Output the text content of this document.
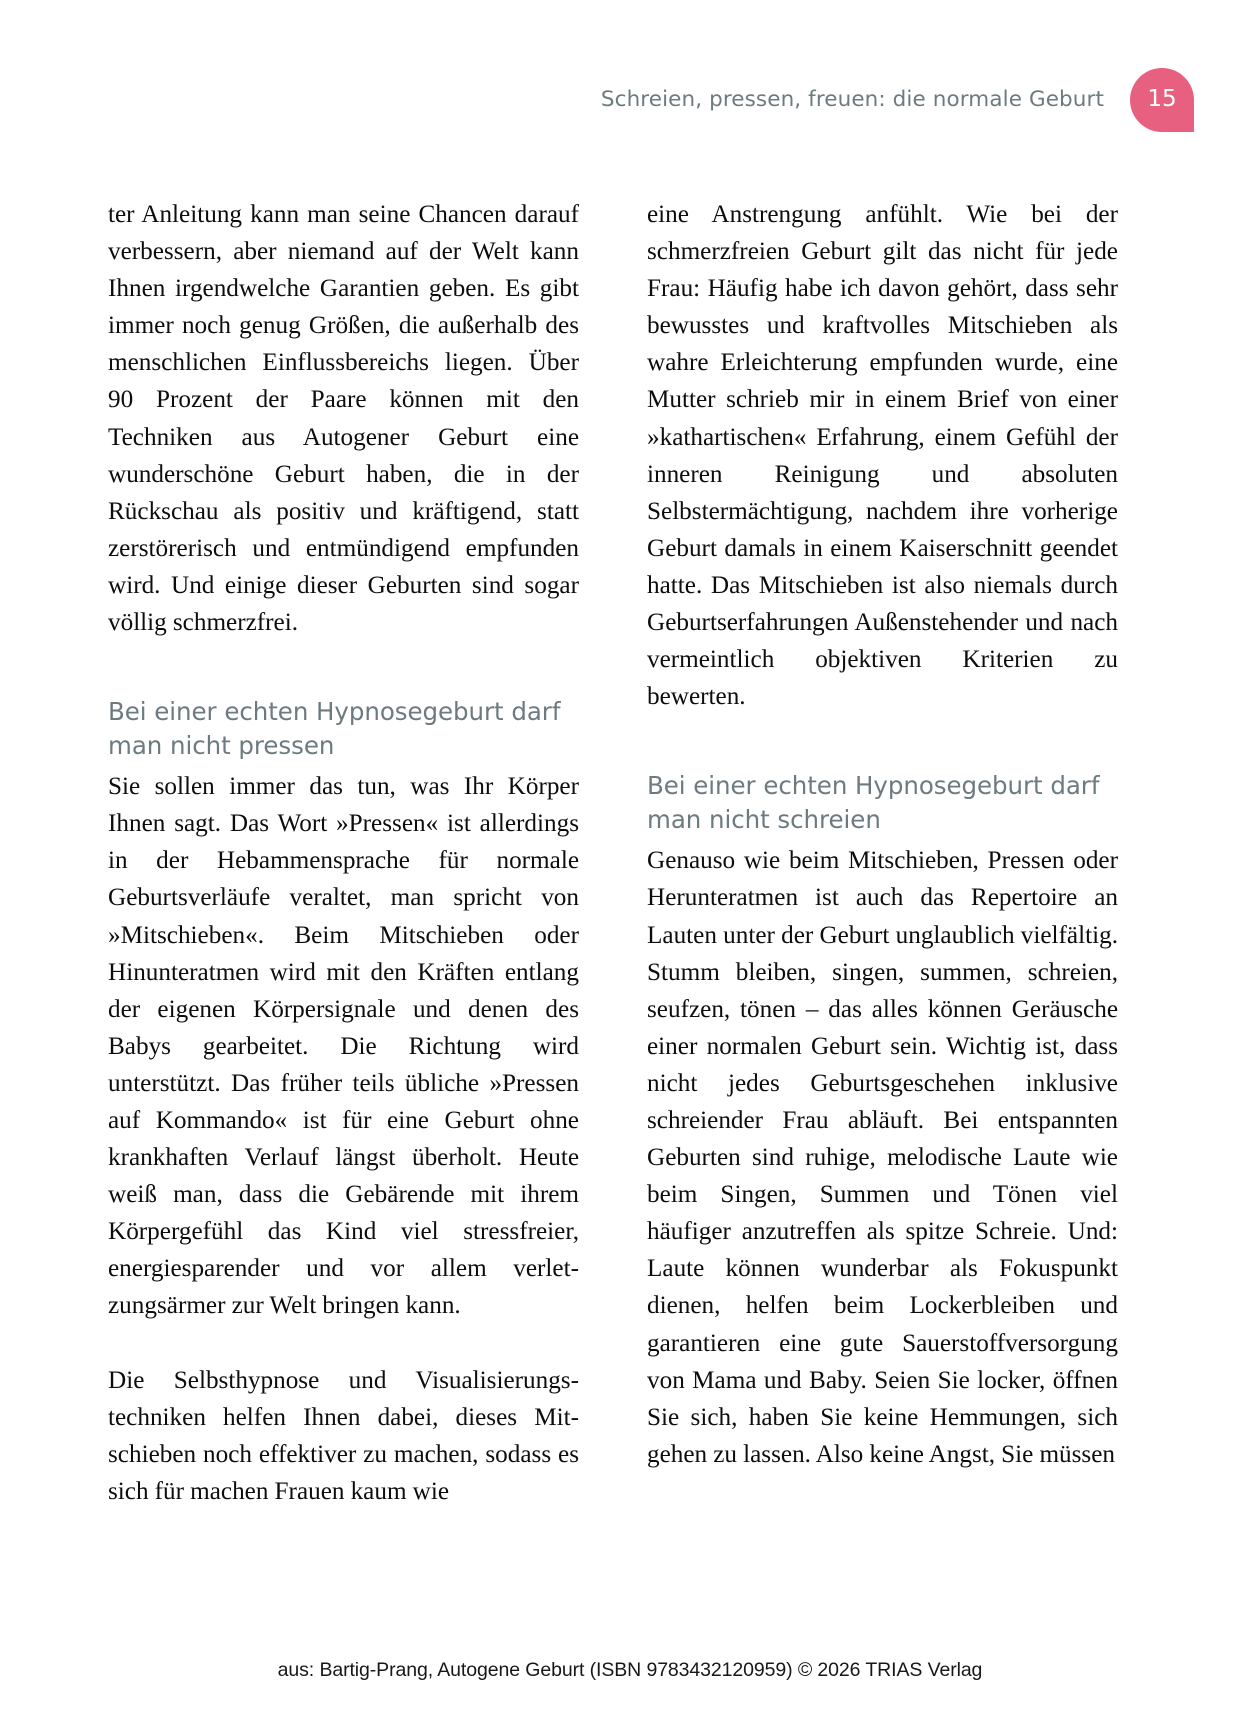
Schreien, pressen, freuen: die normale Geburt 15

ter Anleitung kann man seine Chancen darauf verbessern, aber niemand auf der Welt kann Ihnen irgendwelche Garantien geben. Es gibt immer noch genug Größen, die außerhalb des menschlichen Einflussbereichs liegen. Über 90 Prozent der Paare können mit den Techniken aus Autogener Geburt eine wunderschöne Geburt haben, die in der Rückschau als positiv und kräftigend, statt zerstörerisch und entmündigend empfunden wird. Und einige dieser Geburten sind sogar völlig schmerzfrei.

Bei einer echten Hypnosegeburt darf man nicht pressen

Sie sollen immer das tun, was Ihr Körper Ihnen sagt. Das Wort »Pressen« ist allerdings in der Hebammensprache für normale Geburtsverläufe veraltet, man spricht von »Mitschieben«. Beim Mitschieben oder Hinunteratmen wird mit den Kräften entlang der eigenen Körpersignale und denen des Babys gearbeitet. Die Richtung wird unterstützt. Das früher teils übliche »Pressen auf Kommando« ist für eine Geburt ohne krankhaften Verlauf längst überholt. Heute weiß man, dass die Gebärende mit ihrem Körpergefühl das Kind viel stressfreier, energiesparender und vor allem verletzungsärmer zur Welt bringen kann.

Die Selbsthypnose und Visualisierungstechniken helfen Ihnen dabei, dieses Mitschieben noch effektiver zu machen, sodass es sich für machen Frauen kaum wie

eine Anstrengung anfühlt. Wie bei der schmerzfreien Geburt gilt das nicht für jede Frau: Häufig habe ich davon gehört, dass sehr bewusstes und kraftvolles Mitschieben als wahre Erleichterung empfunden wurde, eine Mutter schrieb mir in einem Brief von einer »kathartischen« Erfahrung, einem Gefühl der inneren Reinigung und absoluten Selbstermächtigung, nachdem ihre vorherige Geburt damals in einem Kaiserschnitt geendet hatte. Das Mitschieben ist also niemals durch Geburtserfahrungen Außenstehender und nach vermeintlich objektiven Kriterien zu bewerten.

Bei einer echten Hypnosegeburt darf man nicht schreien

Genauso wie beim Mitschieben, Pressen oder Herunteratmen ist auch das Repertoire an Lauten unter der Geburt unglaublich vielfältig. Stumm bleiben, singen, summen, schreien, seufzen, tönen – das alles können Geräusche einer normalen Geburt sein. Wichtig ist, dass nicht jedes Geburtsgeschehen inklusive schreiender Frau abläuft. Bei entspannten Geburten sind ruhige, melodische Laute wie beim Singen, Summen und Tönen viel häufiger anzutreffen als spitze Schreie. Und: Laute können wunderbar als Fokuspunkt dienen, helfen beim Lockerbleiben und garantieren eine gute Sauerstoffversorgung von Mama und Baby. Seien Sie locker, öffnen Sie sich, haben Sie keine Hemmungen, sich gehen zu lassen. Also keine Angst, Sie müssen

aus: Bartig-Prang, Autogene Geburt (ISBN 9783432120959) © 2026 TRIAS Verlag
